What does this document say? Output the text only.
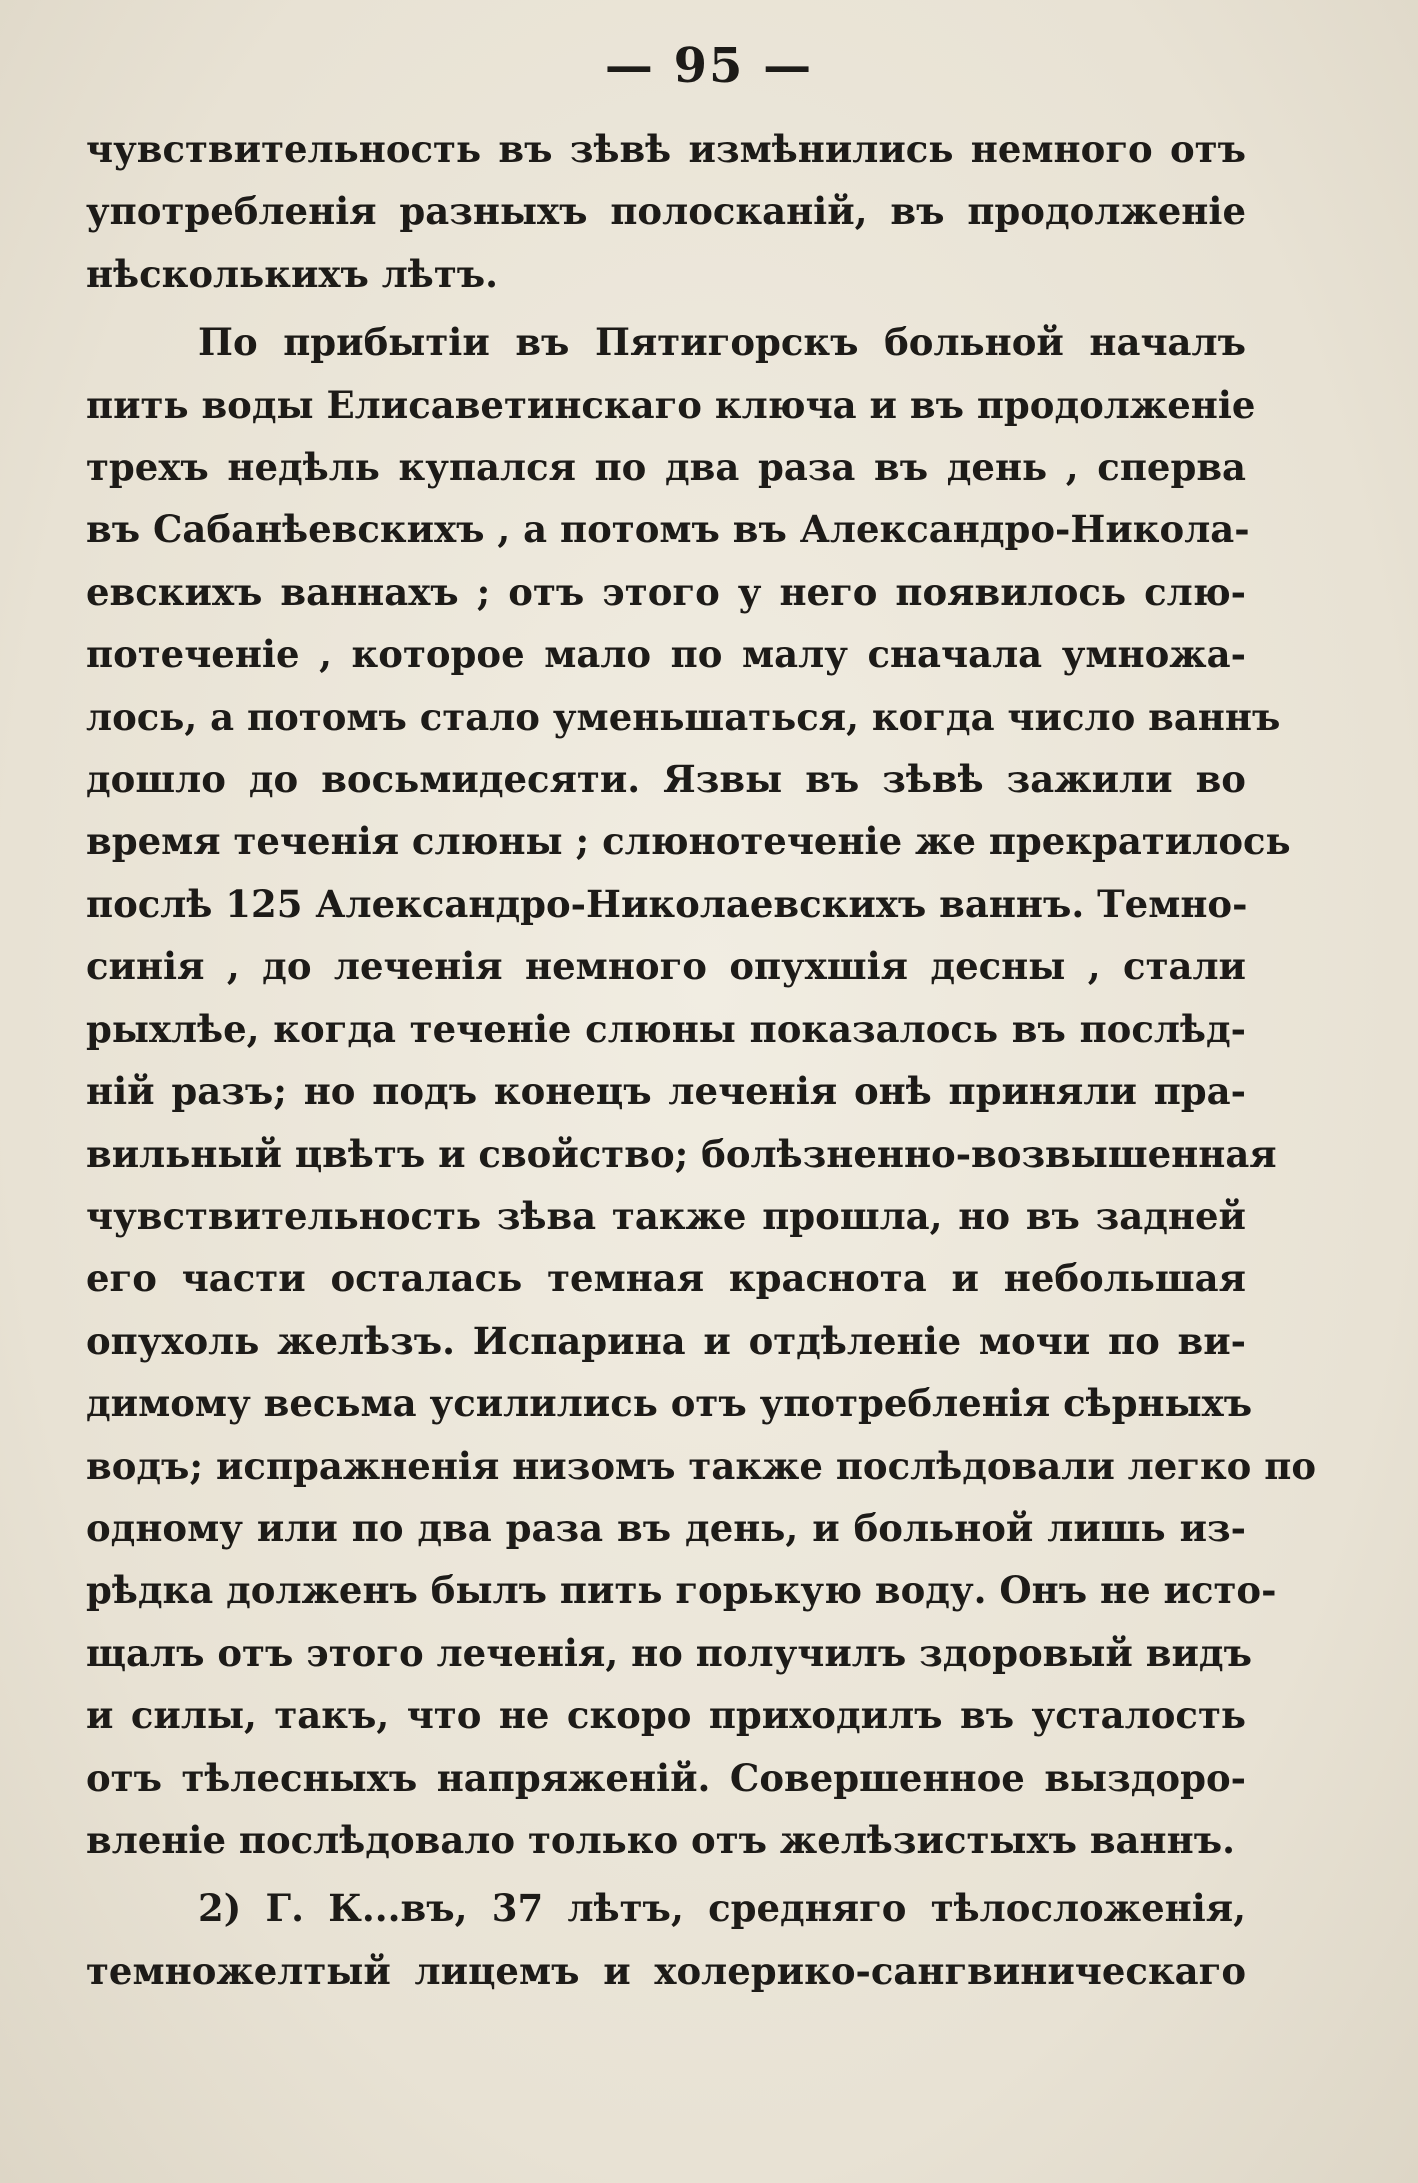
— 95 —
чувствительность въ зѣвѣ измѣнились немного отъ
употребленія разныхъ полосканій, въ продолженіе
нѣсколькихъ лѣтъ.
По прибытіи въ Пятигорскъ больной началъ
пить воды Елисаветинскаго ключа и въ продолженіе
трехъ недѣль купался по два раза въ день , сперва
въ Сабанѣевскихъ , а потомъ въ Александро-Никола-
евскихъ ваннахъ ; отъ этого у него появилось слю-
потеченіе , которое мало по малу сначала умножа-
лось, а потомъ стало уменьшаться, когда число ваннъ
дошло до восьмидесяти. Язвы въ зѣвѣ зажили во
время теченія слюны ; слюнотеченіе же прекратилось
послѣ 125 Александро-Николаевскихъ ваннъ. Темно-
синія , до леченія немного опухшія десны , стали
рыхлѣе, когда теченіе слюны показалось въ послѣд-
ній разъ; но подъ конецъ леченія онѣ приняли пра-
вильный цвѣтъ и свойство; болѣзненно-возвышенная
чувствительность зѣва также прошла, но въ задней
его части осталась темная краснота и небольшая
опухоль желѣзъ. Испарина и отдѣленіе мочи по ви-
димому весьма усилились отъ употребленія сѣрныхъ
водъ; испражненія низомъ также послѣдовали легко по
одному или по два раза въ день, и больной лишь из-
рѣдка долженъ былъ пить горькую воду. Онъ не исто-
щалъ отъ этого леченія, но получилъ здоровый видъ
и силы, такъ, что не скоро приходилъ въ усталость
отъ тѣлесныхъ напряженій. Совершенное выздоро-
вленіе послѣдовало только отъ желѣзистыхъ ваннъ.
2) Г. К...въ, 37 лѣтъ, средняго тѣлосложенія,
темножелтый лицемъ и холерико-сангвиническаго
